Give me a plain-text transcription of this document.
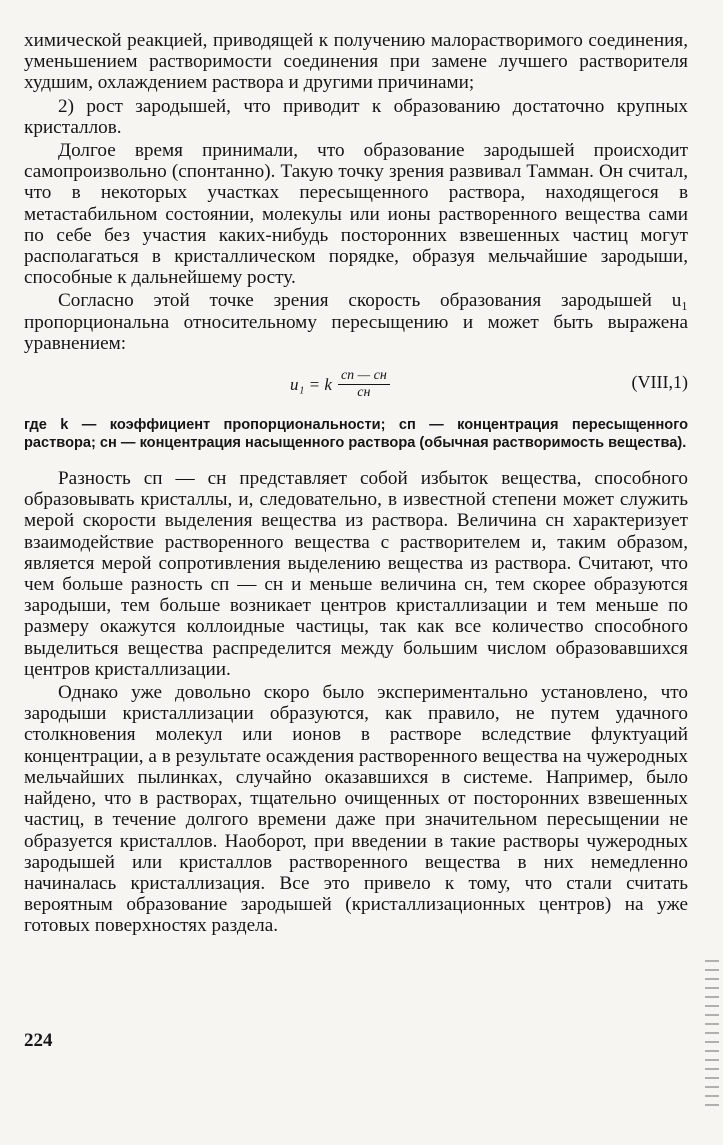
химической реакцией, приводящей к получению малорастворимого соединения, уменьшением растворимости соединения при замене лучшего растворителя худшим, охлаждением раствора и другими причинами;

2) рост зародышей, что приводит к образованию достаточно крупных кристаллов.

Долгое время принимали, что образование зародышей происходит самопроизвольно (спонтанно). Такую точку зрения развивал Тамман. Он считал, что в некоторых участках пересыщенного раствора, находящегося в метастабильном состоянии, молекулы или ионы растворенного вещества сами по себе без участия каких-нибудь посторонних взвешенных частиц могут располагаться в кристаллическом порядке, образуя мельчайшие зародыши, способные к дальнейшему росту.

Согласно этой точке зрения скорость образования зародышей u₁ пропорциональна относительному пересыщению и может быть выражена уравнением:

u₁ = k $\frac{cп — cн}{cн}$	(VIII,1)

где k — коэффициент пропорциональности; cп — концентрация пересыщенного раствора; cн — концентрация насыщенного раствора (обычная растворимость вещества).

Разность cп — cн представляет собой избыток вещества, способного образовывать кристаллы, и, следовательно, в известной степени может служить мерой скорости выделения вещества из раствора. Величина cн характеризует взаимодействие растворенного вещества с растворителем и, таким образом, является мерой сопротивления выделению вещества из раствора. Считают, что чем больше разность cп — cн и меньше величина cн, тем скорее образуются зародыши, тем больше возникает центров кристаллизации и тем меньше по размеру окажутся коллоидные частицы, так как все количество способного выделиться вещества распределится между большим числом образовавшихся центров кристаллизации.

Однако уже довольно скоро было экспериментально установлено, что зародыши кристаллизации образуются, как правило, не путем удачного столкновения молекул или ионов в растворе вследствие флуктуаций концентрации, а в результате осаждения растворенного вещества на чужеродных мельчайших пылинках, случайно оказавшихся в системе. Например, было найдено, что в растворах, тщательно очищенных от посторонних взвешенных частиц, в течение долгого времени даже при значительном пересыщении не образуется кристаллов. Наоборот, при введении в такие растворы чужеродных зародышей или кристаллов растворенного вещества в них немедленно начиналась кристаллизация. Все это привело к тому, что стали считать вероятным образование зародышей (кристаллизационных центров) на уже готовых поверхностях раздела.

224
